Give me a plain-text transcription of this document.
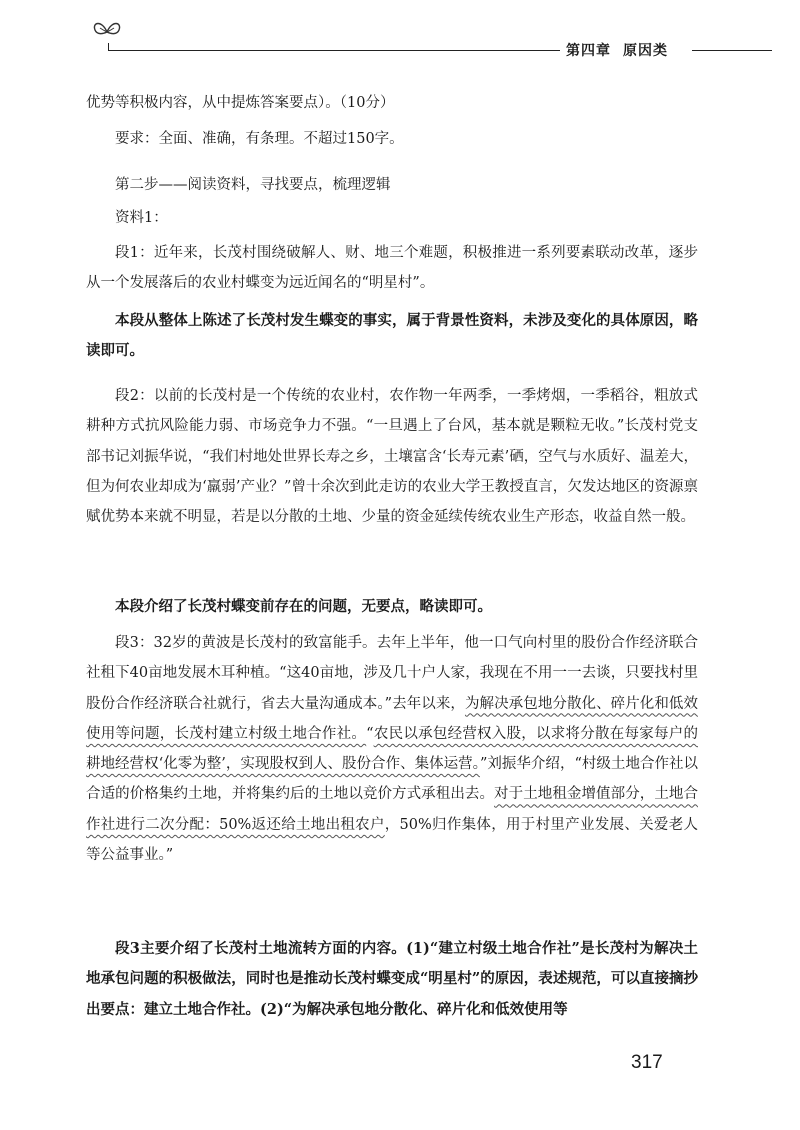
第四章 原因类
优势等积极内容，从中提炼答案要点）。（10分）
要求：全面、准确，有条理。不超过150字。
第二步——阅读资料，寻找要点，梳理逻辑
资料1：
段1：近年来，长茂村围绕破解人、财、地三个难题，积极推进一系列要素联动改革，逐步从一个发展落后的农业村蝶变为远近闻名的“明星村”。
本段从整体上陈述了长茂村发生蝶变的事实，属于背景性资料，未涉及变化的具体原因，略读即可。
段2：以前的长茂村是一个传统的农业村，农作物一年两季，一季烤烟，一季稻谷，粗放式耕种方式抗风险能力弱、市场竞争力不强。“一旦遇上了台风，基本就是颗粒无收。”长茂村党支部书记刘振华说，“我们村地处世界长寿之乡，土壤富含‘长寿元素’硒，空气与水质好、温差大，但为何农业却成为‘羸弱’产业？”曾十余次到此走访的农业大学王教授直言，欠发达地区的资源禀赋优势本来就不明显，若是以分散的土地、少量的资金延续传统农业生产形态，收益自然一般。
本段介绍了长茂村蝶变前存在的问题，无要点，略读即可。
段3：32岁的黄波是长茂村的致富能手。去年上半年，他一口气向村里的股份合作经济联合社租下40亩地发展木耳种植。“这40亩地，涉及几十户人家，我现在不用一一去谈，只要找村里股份合作经济联合社就行，省去大量沟通成本。”去年以来，为解决承包地分散化、碎片化和低效使用等问题，长茂村建立村级土地合作社。“农民以承包经营权入股，以求将分散在每家每户的耕地经营权‘化零为整’，实现股权到人、股份合作、集体运营。”刘振华介绍，“村级土地合作社以合适的价格集约土地，并将集约后的土地以竞价方式承租出去。对于土地租金增值部分，土地合作社进行二次分配：50%返还给土地出租农户，50%归作集体，用于村里产业发展、关爱老人等公益事业。”
段3主要介绍了长茂村土地流转方面的内容。(1)“建立村级土地合作社”是长茂村为解决土地承包问题的积极做法，同时也是推动长茂村蝶变成“明星村”的原因，表述规范，可以直接摘抄出要点：建立土地合作社。(2)“为解决承包地分散化、碎片化和低效使用等
317
